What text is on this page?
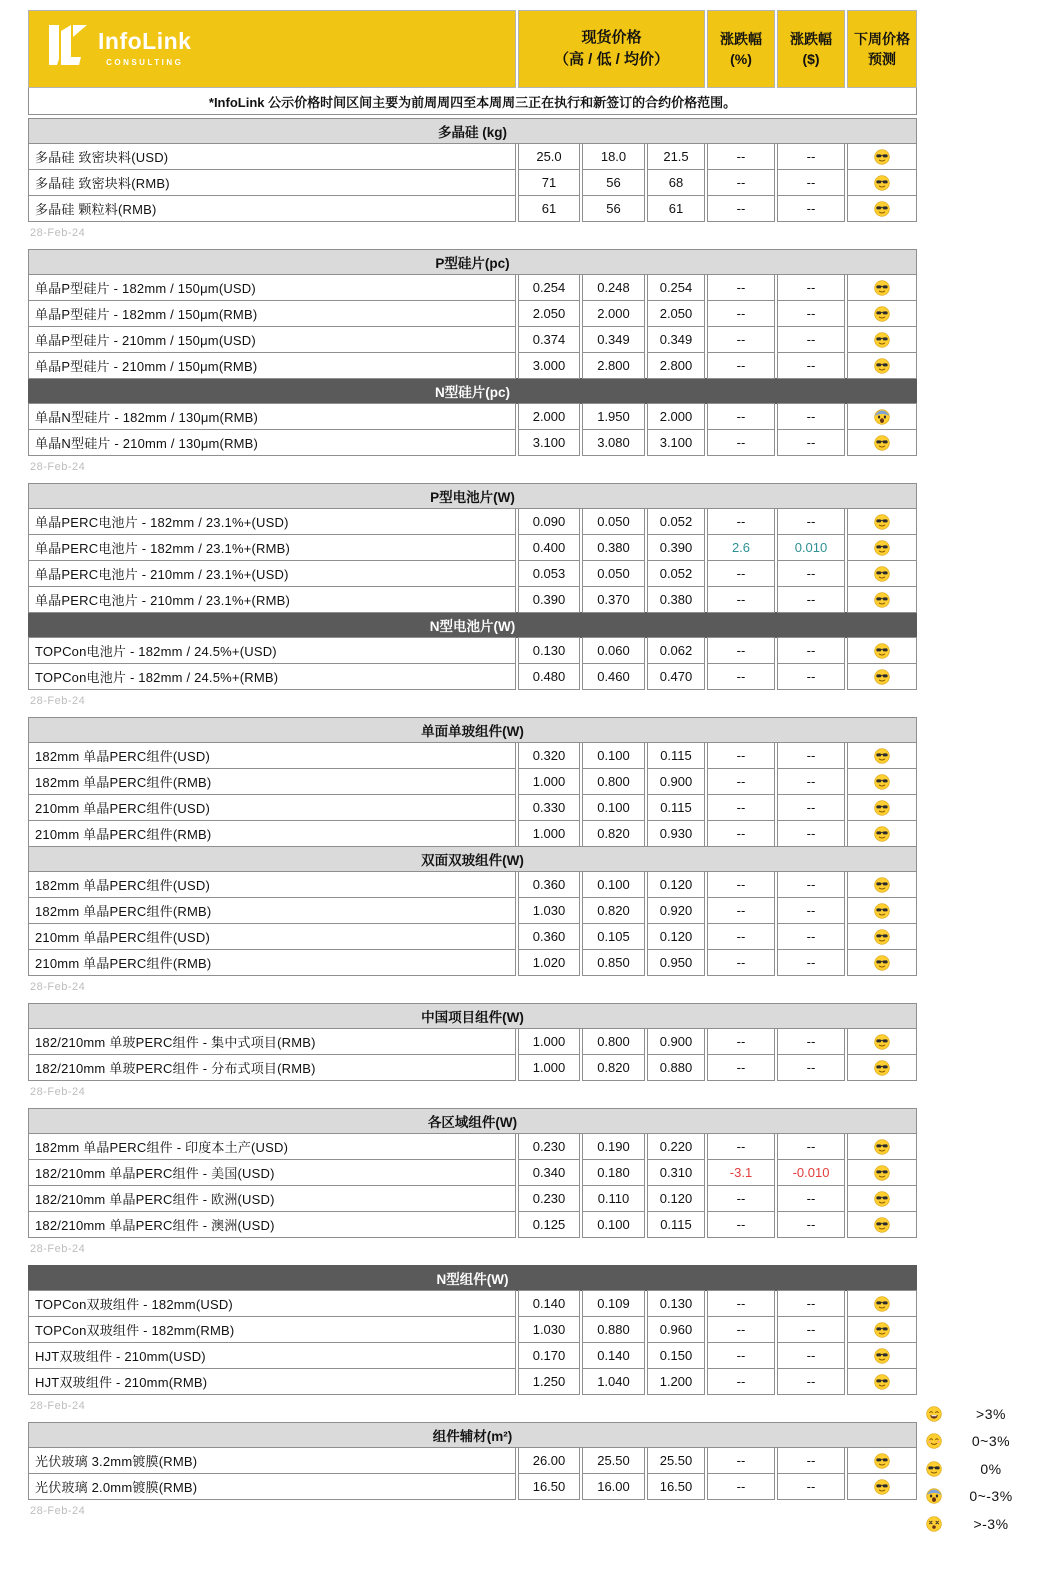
InfoLink
CONSULTING
现货价格
（高 / 低 / 均价）
涨跌幅
(%)
涨跌幅
($)
下周价格
预测
*InfoLink 公示价格时间区间主要为前周周四至本周周三正在执行和新签订的合约价格范围。
多晶硅 (kg)
多晶硅 致密块料(USD)	25.0	18.0	21.5	--	--
多晶硅 致密块料(RMB)	71	56	68	--	--
多晶硅 颗粒料(RMB)	61	56	61	--	--
28-Feb-24
P型硅片(pc)
单晶P型硅片 - 182mm / 150μm(USD)	0.254	0.248	0.254	--	--
单晶P型硅片 - 182mm / 150μm(RMB)	2.050	2.000	2.050	--	--
单晶P型硅片 - 210mm / 150μm(USD)	0.374	0.349	0.349	--	--
单晶P型硅片 - 210mm / 150μm(RMB)	3.000	2.800	2.800	--	--
N型硅片(pc)
单晶N型硅片 - 182mm / 130μm(RMB)	2.000	1.950	2.000	--	--
单晶N型硅片 - 210mm / 130μm(RMB)	3.100	3.080	3.100	--	--
28-Feb-24
P型电池片(W)
单晶PERC电池片 - 182mm / 23.1%+(USD)	0.090	0.050	0.052	--	--
单晶PERC电池片 - 182mm / 23.1%+(RMB)	0.400	0.380	0.390	2.6	0.010
单晶PERC电池片 - 210mm / 23.1%+(USD)	0.053	0.050	0.052	--	--
单晶PERC电池片 - 210mm / 23.1%+(RMB)	0.390	0.370	0.380	--	--
N型电池片(W)
TOPCon电池片 - 182mm / 24.5%+(USD)	0.130	0.060	0.062	--	--
TOPCon电池片 - 182mm / 24.5%+(RMB)	0.480	0.460	0.470	--	--
28-Feb-24
单面单玻组件(W)
182mm 单晶PERC组件(USD)	0.320	0.100	0.115	--	--
182mm 单晶PERC组件(RMB)	1.000	0.800	0.900	--	--
210mm 单晶PERC组件(USD)	0.330	0.100	0.115	--	--
210mm 单晶PERC组件(RMB)	1.000	0.820	0.930	--	--
双面双玻组件(W)
182mm 单晶PERC组件(USD)	0.360	0.100	0.120	--	--
182mm 单晶PERC组件(RMB)	1.030	0.820	0.920	--	--
210mm 单晶PERC组件(USD)	0.360	0.105	0.120	--	--
210mm 单晶PERC组件(RMB)	1.020	0.850	0.950	--	--
28-Feb-24
中国项目组件(W)
182/210mm 单玻PERC组件 - 集中式项目(RMB)	1.000	0.800	0.900	--	--
182/210mm 单玻PERC组件 - 分布式项目(RMB)	1.000	0.820	0.880	--	--
28-Feb-24
各区域组件(W)
182mm 单晶PERC组件 - 印度本土产(USD)	0.230	0.190	0.220	--	--
182/210mm 单晶PERC组件 - 美国(USD)	0.340	0.180	0.310	-3.1	-0.010
182/210mm 单晶PERC组件 - 欧洲(USD)	0.230	0.110	0.120	--	--
182/210mm 单晶PERC组件 - 澳洲(USD)	0.125	0.100	0.115	--	--
28-Feb-24
N型组件(W)
TOPCon双玻组件 - 182mm(USD)	0.140	0.109	0.130	--	--
TOPCon双玻组件 - 182mm(RMB)	1.030	0.880	0.960	--	--
HJT双玻组件 - 210mm(USD)	0.170	0.140	0.150	--	--
HJT双玻组件 - 210mm(RMB)	1.250	1.040	1.200	--	--
28-Feb-24
组件辅材(m²)
光伏玻璃 3.2mm镀膜(RMB)	26.00	25.50	25.50	--	--
光伏玻璃 2.0mm镀膜(RMB)	16.50	16.00	16.50	--	--
28-Feb-24
>3%
0~3%
0%
0~-3%
>-3%
